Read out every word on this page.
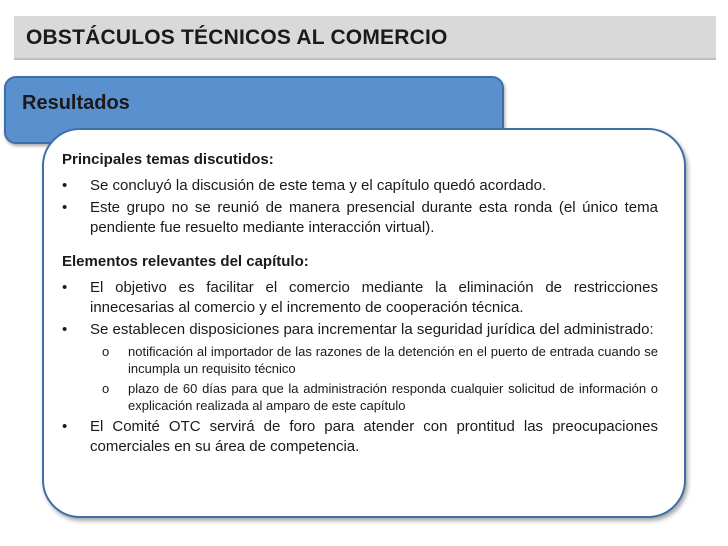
OBSTÁCULOS TÉCNICOS AL COMERCIO
Resultados
Principales temas discutidos:
•	Se concluyó la discusión de este tema y el capítulo quedó acordado.
•	Este grupo no se reunió de manera presencial durante esta ronda (el único tema pendiente fue resuelto mediante interacción virtual).
Elementos relevantes del capítulo:
•	El objetivo es facilitar el comercio mediante la eliminación de restricciones innecesarias al comercio y el incremento de cooperación técnica.
•	Se establecen disposiciones para incrementar la seguridad jurídica del administrado:
o notificación al importador de las razones de la detención en el puerto de entrada cuando se incumpla un requisito técnico
o plazo de 60 días para que la administración responda cualquier solicitud de información o explicación realizada al amparo de este capítulo
•	El Comité OTC servirá de foro para atender con prontitud las preocupaciones comerciales en su área de competencia.
